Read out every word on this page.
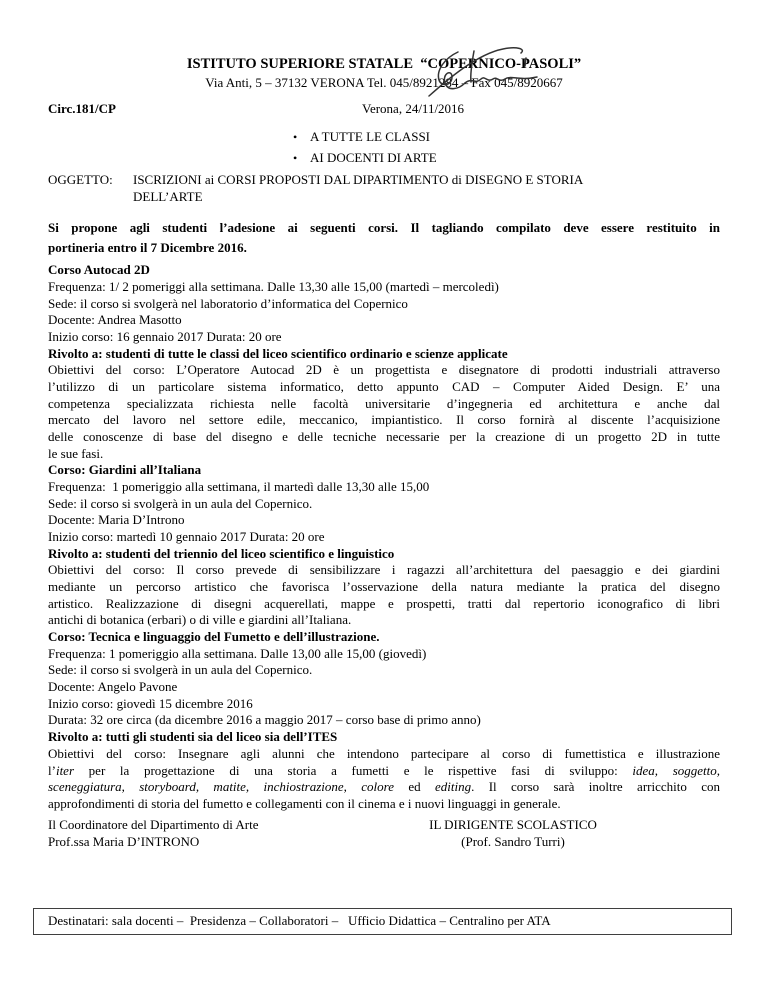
ISTITUTO SUPERIORE STATALE  “COPERNICO-PASOLI”
Via Anti, 5 – 37132 VERONA Tel. 045/8921284 – Fax 045/8920667
Circ.181/CP	Verona, 24/11/2016
• A TUTTE LE CLASSI
• AI DOCENTI DI ARTE
OGGETTO:	ISCRIZIONI ai CORSI PROPOSTI DAL DIPARTIMENTO di DISEGNO E STORIA
DELL’ARTE
Si propone agli studenti l’adesione ai seguenti corsi. Il tagliando compilato deve essere restituito in
portineria entro il 7 Dicembre 2016.
Corso Autocad 2D
Frequenza: 1/ 2 pomeriggi alla settimana. Dalle 13,30 alle 15,00 (martedì – mercoledì)
Sede: il corso si svolgerà nel laboratorio d’informatica del Copernico
Docente: Andrea Masotto
Inizio corso: 16 gennaio 2017 Durata: 20 ore
Rivolto a: studenti di tutte le classi del liceo scientifico ordinario e scienze applicate
Obiettivi del corso: L’Operatore Autocad 2D è un progettista e disegnatore di prodotti industriali attraverso
l’utilizzo di un particolare sistema informatico, detto appunto CAD – Computer Aided Design. E’ una
competenza specializzata richiesta nelle facoltà universitarie d’ingegneria ed architettura e anche dal
mercato del lavoro nel settore edile, meccanico, impiantistico. Il corso fornirà al discente l’acquisizione
delle conoscenze di base del disegno e delle tecniche necessarie per la creazione di un progetto 2D in tutte
le sue fasi.
Corso: Giardini all’Italiana
Frequenza:  1 pomeriggio alla settimana, il martedì dalle 13,30 alle 15,00
Sede: il corso si svolgerà in un aula del Copernico.
Docente: Maria D’Introno
Inizio corso: martedì 10 gennaio 2017 Durata: 20 ore
Rivolto a: studenti del triennio del liceo scientifico e linguistico
Obiettivi del corso: Il corso prevede di sensibilizzare i ragazzi all’architettura del paesaggio e dei giardini
mediante un percorso artistico che favorisca l’osservazione della natura mediante la pratica del disegno
artistico. Realizzazione di disegni acquerellati, mappe e prospetti, tratti dal repertorio iconografico di libri
antichi di botanica (erbari) o di ville e giardini all’Italiana.
Corso: Tecnica e linguaggio del Fumetto e dell’illustrazione.
Frequenza: 1 pomeriggio alla settimana. Dalle 13,00 alle 15,00 (giovedì)
Sede: il corso si svolgerà in un aula del Copernico.
Docente: Angelo Pavone
Inizio corso: giovedì 15 dicembre 2016
Durata: 32 ore circa (da dicembre 2016 a maggio 2017 – corso base di primo anno)
Rivolto a: tutti gli studenti sia del liceo sia dell’ITES
Obiettivi del corso: Insegnare agli alunni che intendono partecipare al corso di fumettistica e illustrazione
l’iter per la progettazione di una storia a fumetti e le rispettive fasi di sviluppo: idea, soggetto,
sceneggiatura, storyboard, matite, inchiostrazione, colore ed editing. Il corso sarà inoltre arricchito con
approfondimenti di storia del fumetto e collegamenti con il cinema e i nuovi linguaggi in generale.
Il Coordinatore del Dipartimento di Arte
Prof.ssa Maria D’INTRONO
IL DIRIGENTE SCOLASTICO
(Prof. Sandro Turri)
Destinatari: sala docenti –  Presidenza – Collaboratori –   Ufficio Didattica – Centralino per ATA
